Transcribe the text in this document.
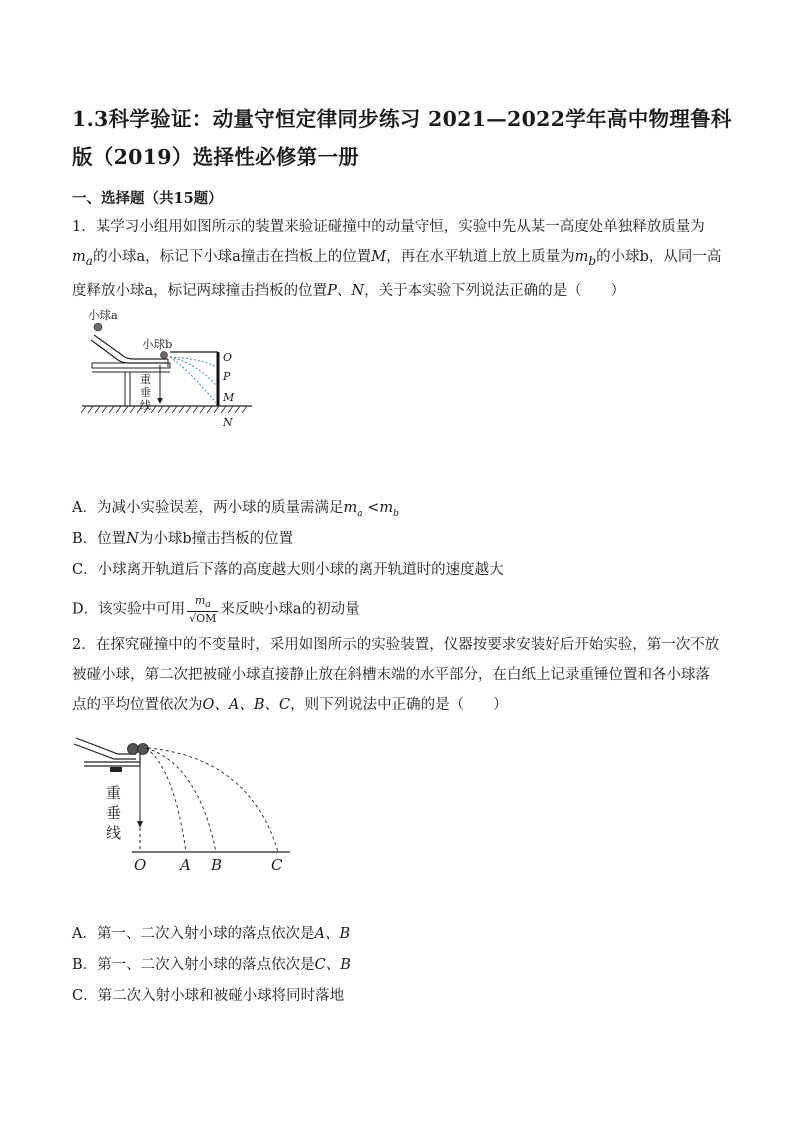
1.3科学验证：动量守恒定律同步练习 2021—2022学年高中物理鲁科版（2019）选择性必修第一册
一、选择题（共15题）
1．某学习小组用如图所示的装置来验证碰撞中的动量守恒，实验中先从某一高度处单独释放质量为$m_a$的小球a，标记下小球a撞击在挡板上的位置M，再在水平轨道上放上质量为$m_b$的小球b，从同一高度释放小球a，标记两球撞击挡板的位置P、N，关于本实验下列说法正确的是（　　）
小球a
小球b
重
垂
线
O
P
M
N
A．为减小实验误差，两小球的质量需满足$m_a <m_b$
B．位置N为小球b撞击挡板的位置
C．小球离开轨道后下落的高度越大则小球的离开轨道时的速度越大
D．该实验中可用 $\frac{m_a}{√OM}$ 来反映小球a的初动量
2．在探究碰撞中的不变量时，采用如图所示的实验装置，仪器按要求安装好后开始实验，第一次不放被碰小球，第二次把被碰小球直接静止放在斜槽末端的水平部分，在白纸上记录重锤位置和各小球落点的平均位置依次为O、A、B、C，则下列说法中正确的是（　　）
重
垂
线
O A B	C
A．第一、二次入射小球的落点依次是A、B
B．第一、二次入射小球的落点依次是C、B
C．第二次入射小球和被碰小球将同时落地
